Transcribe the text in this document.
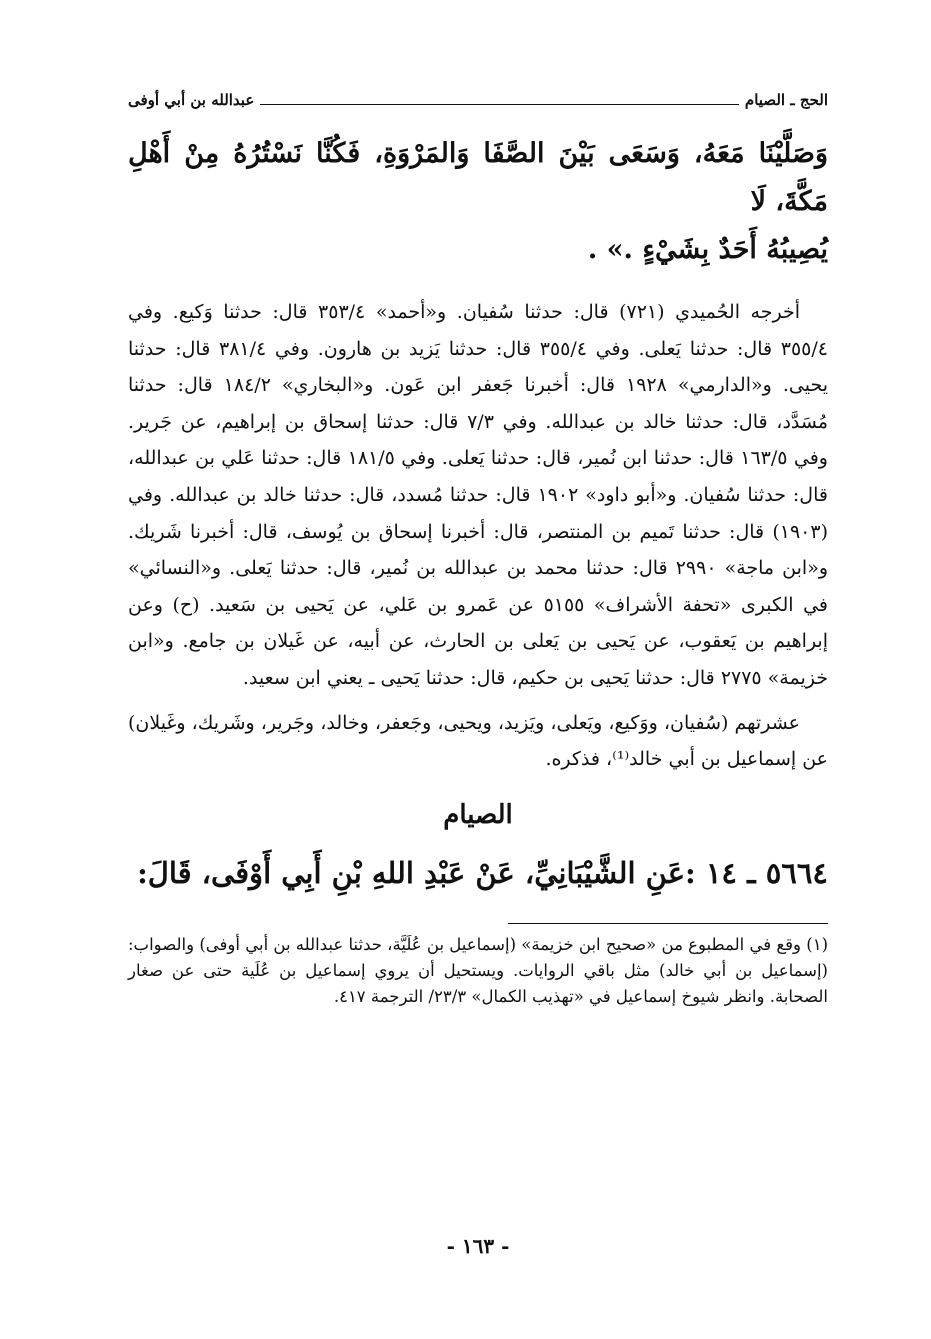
الحج ـ الصيام
عبدالله بن أبي أوفى

وَصَلَّيْنَا مَعَهُ، وَسَعَى بَيْنَ الصَّفَا وَالمَرْوَةِ، فَكُنَّا نَسْتُرُهُ مِنْ أَهْلِ مَكَّةَ، لَا

يُصِيبُهُ أَحَدٌ بِشَيْءٍ .» .

أخرجه الحُميدي (٧٢١) قال: حدثنا سُفيان. و«أحمد» ٣٥٣/٤ قال: حدثنا وَكيع. وفي ٣٥٥/٤ قال: حدثنا يَعلى. وفي ٣٥٥/٤ قال: حدثنا يَزيد بن هارون. وفي ٣٨١/٤ قال: حدثنا يحيى. و«الدارمي» ١٩٢٨ قال: أخبرنا جَعفر ابن عَون. و«البخاري» ١٨٤/٢ قال: حدثنا مُسَدَّد، قال: حدثنا خالد بن عبدالله. وفي ٧/٣ قال: حدثنا إسحاق بن إبراهيم، عن جَرير. وفي ١٦٣/٥ قال: حدثنا ابن نُمير، قال: حدثنا يَعلى. وفي ١٨١/٥ قال: حدثنا عَلي بن عبدالله، قال: حدثنا سُفيان. و«أبو داود» ١٩٠٢ قال: حدثنا مُسدد، قال: حدثنا خالد بن عبدالله. وفي (١٩٠٣) قال: حدثنا تَميم بن المنتصر، قال: أخبرنا إسحاق بن يُوسف، قال: أخبرنا شَريك. و«ابن ماجة» ٢٩٩٠ قال: حدثنا محمد بن عبدالله بن نُمير، قال: حدثنا يَعلى. و«النسائي» في الكبرى «تحفة الأشراف» ٥١٥٥ عن عَمرو بن عَلي، عن يَحيى بن سَعيد. (ح) وعن إبراهيم بن يَعقوب، عن يَحيى بن يَعلى بن الحارث، عن أبيه، عن غَيلان بن جامع. و«ابن خزيمة» ٢٧٧٥ قال: حدثنا يَحيى بن حكيم، قال: حدثنا يَحيى ـ يعني ابن سعيد.

عشرتهم (سُفيان، ووَكيع، ويَعلى، ويَزيد، ويحيى، وجَعفر، وخالد، وجَرير، وشَريك، وغَيلان) عن إسماعيل بن أبي خالد⁽¹⁾، فذكره.

الصيام
٥٦٦٤ ـ ١٤ :عَنِ الشَّيْبَانِيِّ، عَنْ عَبْدِ اللهِ بْنِ أَبِي أَوْفَى، قَالَ:

(١) وقع في المطبوع من «صحيح ابن خزيمة» (إسماعيل بن عُلَيَّة، حدثنا عبدالله بن أبي أوفى) والصواب: (إسماعيل بن أبي خالد) مثل باقي الروايات. ويستحيل أن يروي إسماعيل بن عُلَية حتى عن صغار الصحابة. وانظر شيوخ إسماعيل في «تهذيب الكمال» ٢٣/٣/ الترجمة ٤١٧.

- ١٦٣ -
